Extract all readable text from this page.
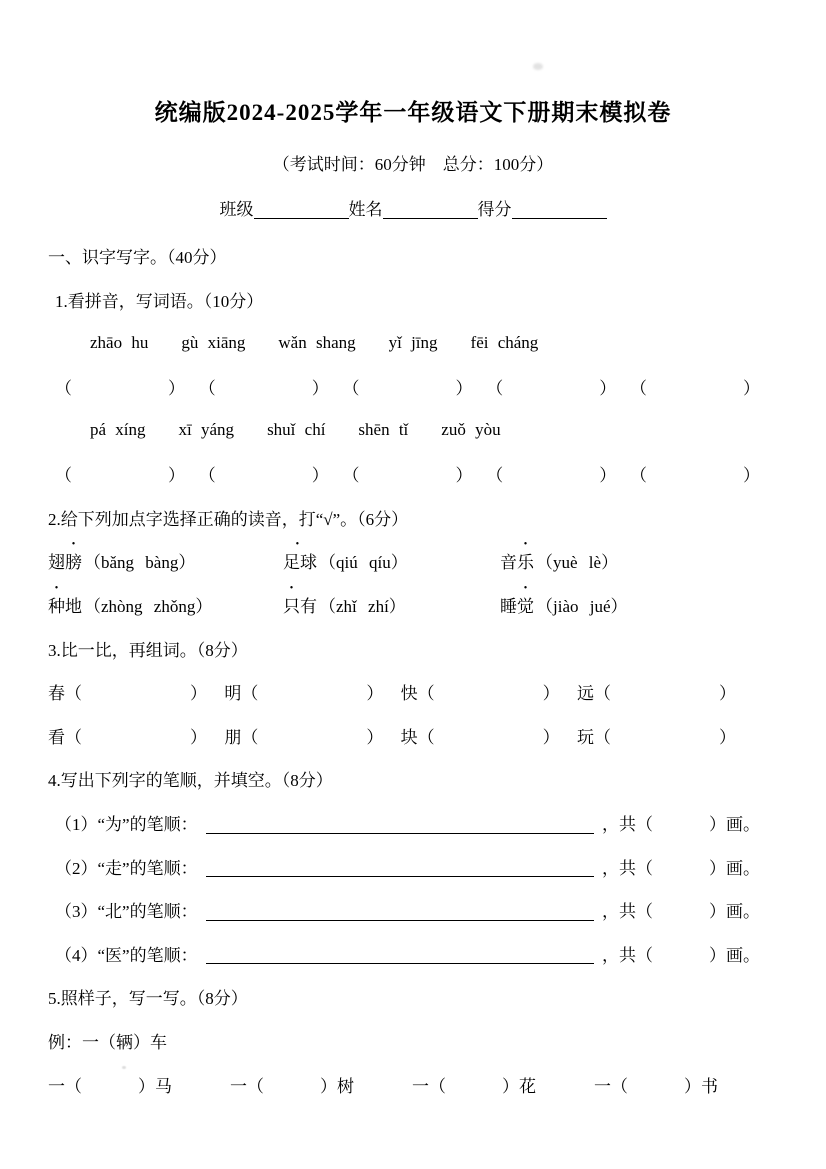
统编版2024-2025学年一年级语文下册期末模拟卷
（考试时间：60分钟　总分：100分）
班级	姓名	得分
一、识字写字。（40分）
1.看拼音，写词语。（10分）
zhāo hu gù xiāng wǎn shang yǐ jīng fēi cháng
（	） （	） （	） （	） （	）
pá xíng xī yáng shuǐ chí shēn tǐ zuǒ yòu
（	） （	） （	） （	） （	）
2.给下列加点字选择正确的读音，打“√”。（6分）
翅 膀 • （bǎng bàng）	足 • 球 （qiú qíu）	音 乐 • （yuè lè）
种 • 地 （zhòng zhǒng）	只 • 有 （zhǐ zhí）	睡 觉 • （jiào jué）
3.比一比，再组词。（8分）
春 （	） 明 （	） 快 （	） 远 （	）
看 （	） 朋 （	） 块 （	） 玩 （	）
4.写出下列字的笔顺，并填空。（8分）
（1）“为”的笔顺：	，共（	）画。
（2）“走”的笔顺：	，共（	）画。
（3）“北”的笔顺：	，共（	）画。
（4）“医”的笔顺：	，共（	）画。
5.照样子，写一写。（8分）
例：一（辆）车
一（	）马	一（	）树	一（	）花	一（	）书
